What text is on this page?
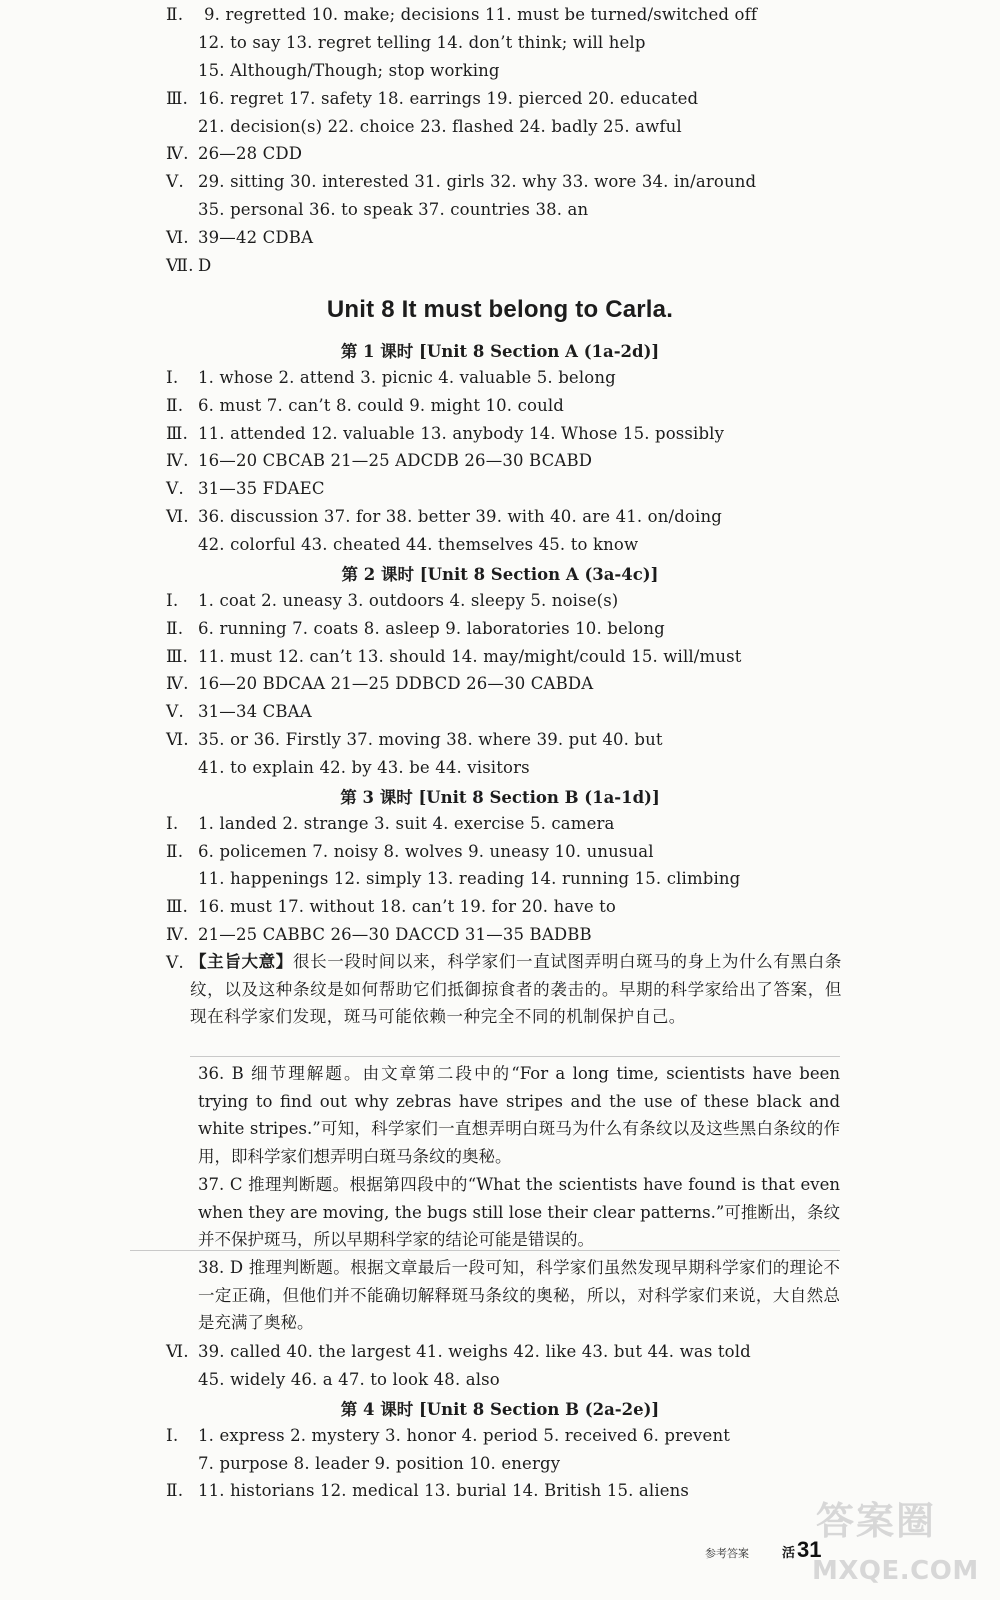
Ⅱ.	9. regretted 10. make; decisions 11. must be turned/switched off
12. to say 13. regret telling 14. don’t think; will help
15. Although/Though; stop working
Ⅲ. 16. regret 17. safety 18. earrings 19. pierced 20. educated
21. decision(s) 22. choice 23. flashed 24. badly 25. awful
Ⅳ. 26—28 CDD
Ⅴ. 29. sitting 30. interested 31. girls 32. why 33. wore 34. in/around
35. personal 36. to speak 37. countries 38. an
Ⅵ. 39—42 CDBA
Ⅶ. D
Unit 8 It must belong to Carla.
第 1 课时 [Unit 8 Section A (1a-2d)]
Ⅰ.	1. whose 2. attend 3. picnic 4. valuable 5. belong
Ⅱ. 6. must 7. can’t 8. could 9. might 10. could
Ⅲ. 11. attended 12. valuable 13. anybody 14. Whose 15. possibly
Ⅳ. 16—20 CBCAB 21—25 ADCDB 26—30 BCABD
Ⅴ. 31—35 FDAEC
Ⅵ. 36. discussion 37. for 38. better 39. with 40. are 41. on/doing
42. colorful 43. cheated 44. themselves 45. to know
第 2 课时 [Unit 8 Section A (3a-4c)]
Ⅰ.	1. coat 2. uneasy 3. outdoors 4. sleepy 5. noise(s)
Ⅱ. 6. running 7. coats 8. asleep 9. laboratories 10. belong
Ⅲ. 11. must 12. can’t 13. should 14. may/might/could 15. will/must
Ⅳ. 16—20 BDCAA 21—25 DDBCD 26—30 CABDA
Ⅴ. 31—34 CBAA
Ⅵ. 35. or 36. Firstly 37. moving 38. where 39. put 40. but
41. to explain 42. by 43. be 44. visitors
第 3 课时 [Unit 8 Section B (1a-1d)]
Ⅰ.	1. landed 2. strange 3. suit 4. exercise 5. camera
Ⅱ. 6. policemen 7. noisy 8. wolves 9. uneasy 10. unusual
11. happenings 12. simply 13. reading 14. running 15. climbing
Ⅲ. 16. must 17. without 18. can’t 19. for 20. have to
Ⅳ. 21—25 CABBC 26—30 DACCD 31—35 BADBB
Ⅴ. 【主旨大意】很长一段时间以来，科学家们一直试图弄明白斑马的身上为什么有黑白条纹，以及这种条纹是如何帮助它们抵御掠食者的袭击的。早期的科学家给出了答案，但现在科学家们发现，斑马可能依赖一种完全不同的机制保护自己。
36. B 细节理解题。由文章第二段中的“For a long time, scientists have been trying to find out why zebras have stripes and the use of these black and white stripes.”可知，科学家们一直想弄明白斑马为什么有条纹以及这些黑白条纹的作用，即科学家们想弄明白斑马条纹的奥秘。
37. C 推理判断题。根据第四段中的“What the scientists have found is that even when they are moving, the bugs still lose their clear patterns.”可推断出，条纹并不保护斑马，所以早期科学家的结论可能是错误的。
38. D 推理判断题。根据文章最后一段可知，科学家们虽然发现早期科学家们的理论不一定正确，但他们并不能确切解释斑马条纹的奥秘，所以，对科学家们来说，大自然总是充满了奥秘。
Ⅵ. 39. called 40. the largest 41. weighs 42. like 43. but 44. was told
45. widely 46. a 47. to look 48. also
第 4 课时 [Unit 8 Section B (2a-2e)]
Ⅰ.	1. express 2. mystery 3. honor 4. period 5. received 6. prevent
7. purpose 8. leader 9. position 10. energy
Ⅱ. 11. historians 12. medical 13. burial 14. British 15. aliens
答案圈
MXQE.COM
参考答案	活31
